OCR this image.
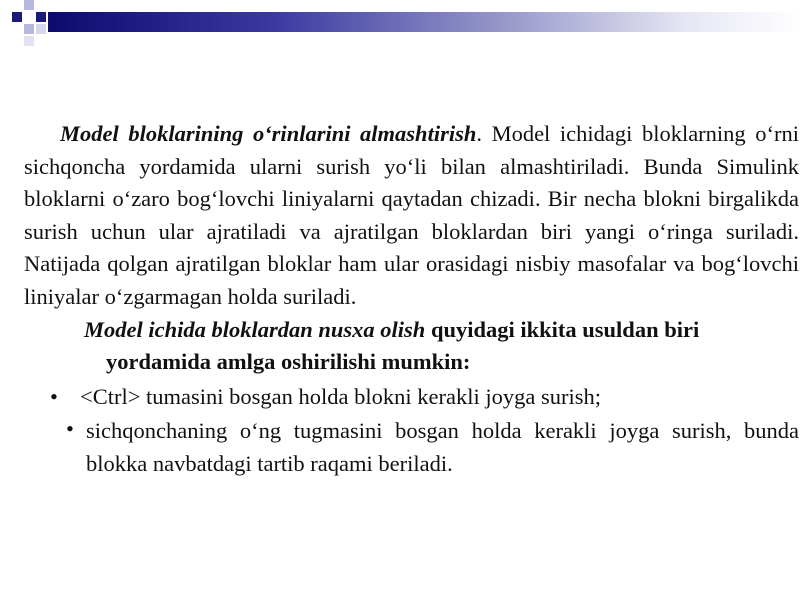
Model bloklarining o‘rinlarini almashtirish. Model ichidagi bloklarning o‘rni sichqoncha yordamida ularni surish yo‘li bilan almashtiriladi. Bunda Simulink bloklarni o‘zaro bog‘lovchi liniyalarni qaytadan chizadi. Bir necha blokni birgalikda surish uchun ular ajratiladi va ajratilgan bloklardan biri yangi o‘ringa suriladi. Natijada qolgan ajratilgan bloklar ham ular orasidagi nisbiy masofalar va bog‘lovchi liniyalar o‘zgarmagan holda suriladi.

Model ichida bloklardan nusxa olish quyidagi ikkita usuldan biri
yordamida amlga oshirilishi mumkin:

• <Ctrl> tumasini bosgan holda blokni kerakli joyga surish;
• sichqonchaning o‘ng tugmasini bosgan holda kerakli joyga surish, bunda blokka navbatdagi tartib raqami beriladi.
